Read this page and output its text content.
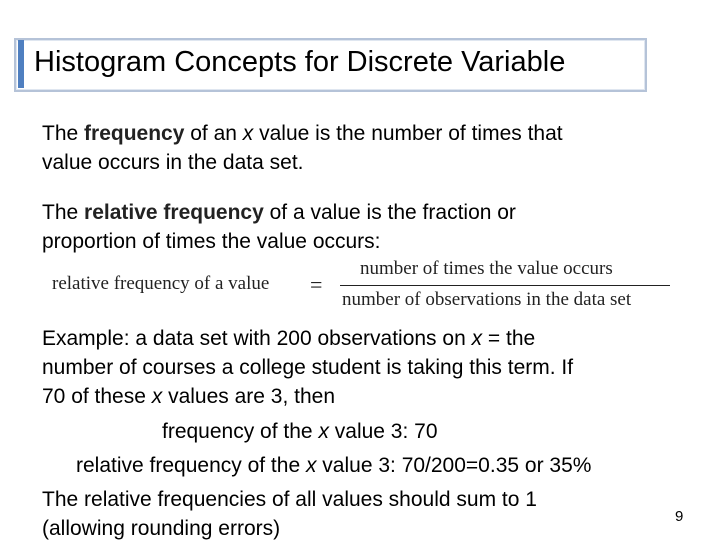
Histogram Concepts for Discrete Variable
The frequency of an x value is the number of times that
value occurs in the data set.
The relative frequency of a value is the fraction or
proportion of times the value occurs:
relative frequency of a value =
number of times the value occurs
number of observations in the data set
Example: a data set with 200 observations on x = the
number of courses a college student is taking this term. If
70 of these x values are 3, then
frequency of the x value 3: 70
relative frequency of the x value 3: 70/200=0.35 or 35%
The relative frequencies of all values should sum to 1
(allowing rounding errors)
9
